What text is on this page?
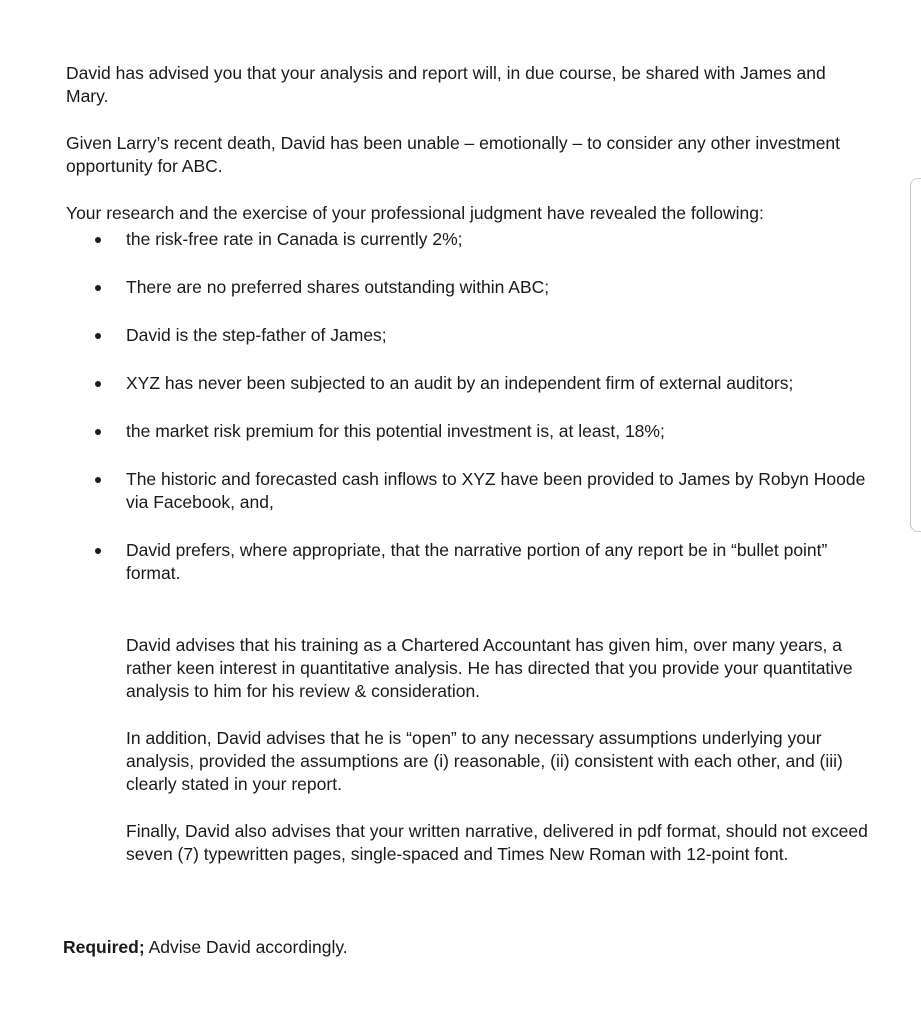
David has advised you that your analysis and report will, in due course, be shared with James and Mary.

Given Larry’s recent death, David has been unable – emotionally – to consider any other investment opportunity for ABC.

Your research and the exercise of your professional judgment have revealed the following:

the risk-free rate in Canada is currently 2%;
There are no preferred shares outstanding within ABC;
David is the step-father of James;
XYZ has never been subjected to an audit by an independent firm of external auditors;
the market risk premium for this potential investment is, at least, 18%;
The historic and forecasted cash inflows to XYZ have been provided to James by Robyn Hoode via Facebook, and,
David prefers, where appropriate, that the narrative portion of any report be in “bullet point” format.

David advises that his training as a Chartered Accountant has given him, over many years, a rather keen interest in quantitative analysis. He has directed that you provide your quantitative analysis to him for his review & consideration.

In addition, David advises that he is “open” to any necessary assumptions underlying your analysis, provided the assumptions are (i) reasonable, (ii) consistent with each other, and (iii) clearly stated in your report.

Finally, David also advises that your written narrative, delivered in pdf format, should not exceed seven (7) typewritten pages, single-spaced and Times New Roman with 12-point font.

Required; Advise David accordingly.
